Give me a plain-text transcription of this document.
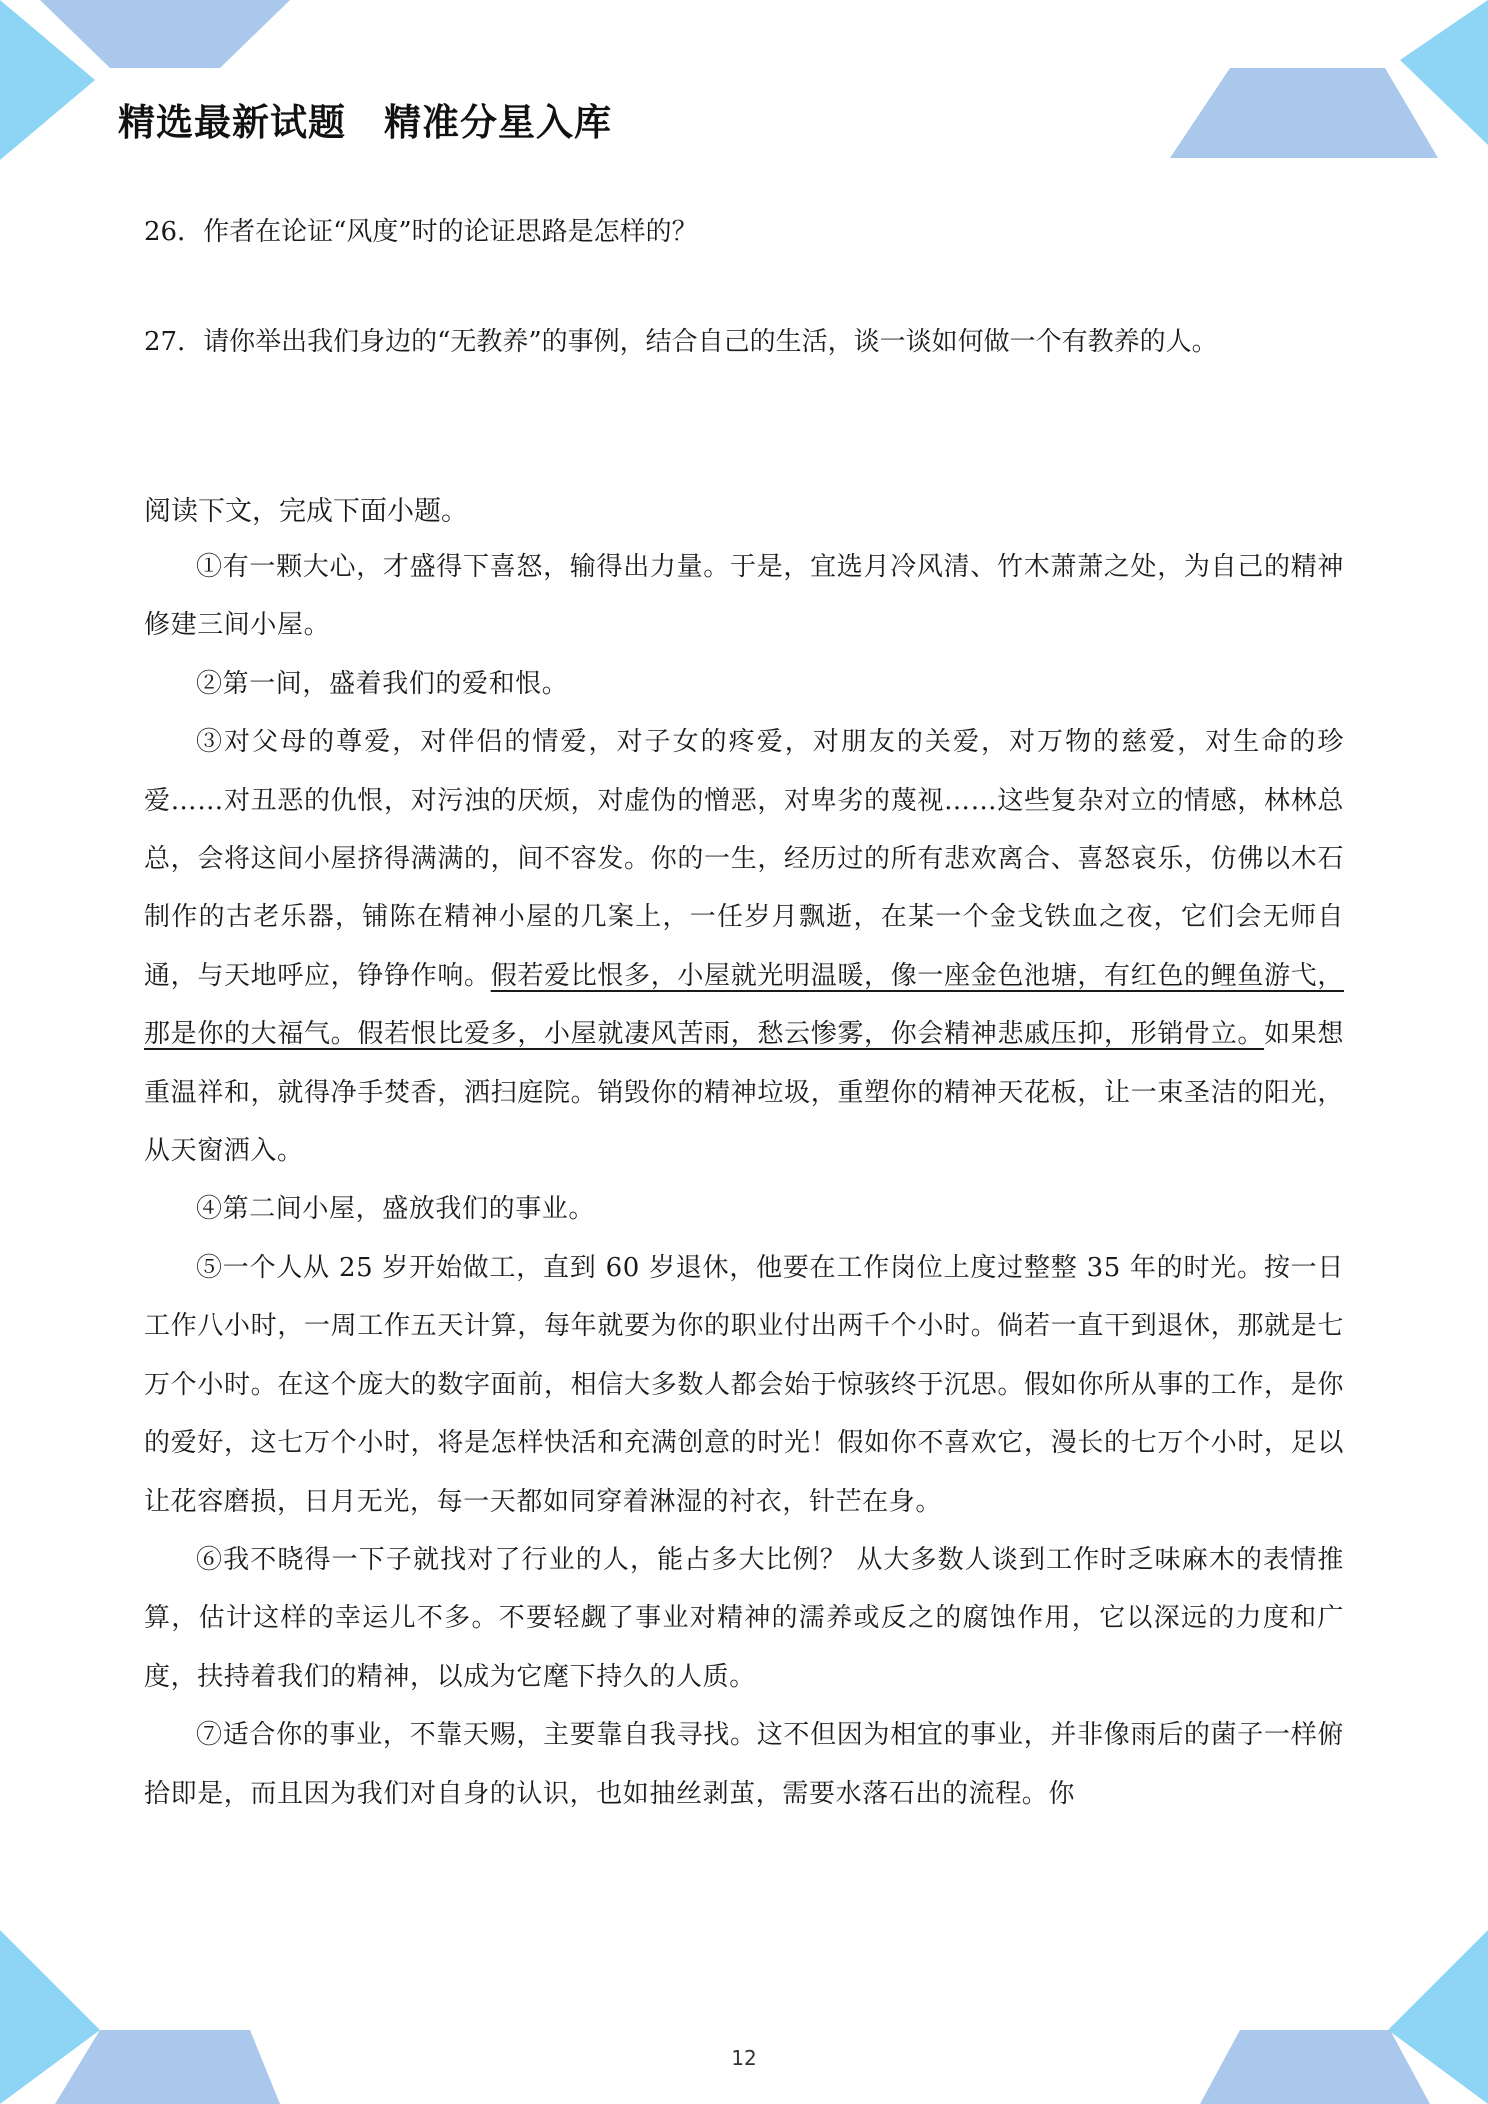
精选最新试题　精准分星入库
26．作者在论证“风度”时的论证思路是怎样的？
27．请你举出我们身边的“无教养”的事例，结合自己的生活，谈一谈如何做一个有教养的人。
阅读下文，完成下面小题。

①有一颗大心，才盛得下喜怒，输得出力量。于是，宜选月冷风清、竹木萧萧之处，为自己的精神修建三间小屋。

②第一间，盛着我们的爱和恨。

③对父母的尊爱，对伴侣的情爱，对子女的疼爱，对朋友的关爱，对万物的慈爱，对生命的珍爱……对丑恶的仇恨，对污浊的厌烦，对虚伪的憎恶，对卑劣的蔑视……这些复杂对立的情感，林林总总，会将这间小屋挤得满满的，间不容发。你的一生，经历过的所有悲欢离合、喜怒哀乐，仿佛以木石制作的古老乐器，铺陈在精神小屋的几案上，一任岁月飘逝，在某一个金戈铁血之夜，它们会无师自通，与天地呼应，铮铮作响。假若爱比恨多，小屋就光明温暖，像一座金色池塘，有红色的鲤鱼游弋，那是你的大福气。假若恨比爱多，小屋就凄风苦雨，愁云惨雾，你会精神悲戚压抑，形销骨立。如果想重温祥和，就得净手焚香，洒扫庭院。销毁你的精神垃圾，重塑你的精神天花板，让一束圣洁的阳光，从天窗洒入。

④第二间小屋，盛放我们的事业。

⑤一个人从 25 岁开始做工，直到 60 岁退休，他要在工作岗位上度过整整 35 年的时光。按一日工作八小时，一周工作五天计算，每年就要为你的职业付出两千个小时。倘若一直干到退休，那就是七万个小时。在这个庞大的数字面前，相信大多数人都会始于惊骇终于沉思。假如你所从事的工作，是你的爱好，这七万个小时，将是怎样快活和充满创意的时光！假如你不喜欢它，漫长的七万个小时，足以让花容磨损，日月无光，每一天都如同穿着淋湿的衬衣，针芒在身。

⑥我不晓得一下子就找对了行业的人，能占多大比例？ 从大多数人谈到工作时乏味麻木的表情推算，估计这样的幸运儿不多。不要轻觑了事业对精神的濡养或反之的腐蚀作用，它以深远的力度和广度，扶持着我们的精神，以成为它麾下持久的人质。

⑦适合你的事业，不靠天赐，主要靠自我寻找。这不但因为相宜的事业，并非像雨后的菌子一样俯拾即是，而且因为我们对自身的认识，也如抽丝剥茧，需要水落石出的流程。你

12
